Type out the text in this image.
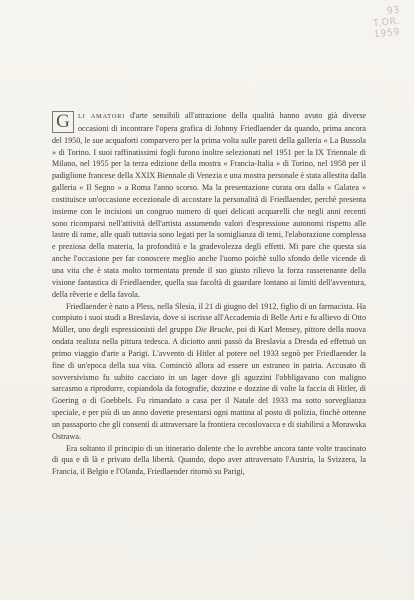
93
T.OR.
1959

G	LI AMATORI d'arte sensibili all'attrazione della qualità hanno avuto già diverse occasioni di incontrare l'opera grafica di Johnny Friedlaender da quando, prima ancora del 1950, le sue acquaforti comparvero per la prima volta sulle pareti della galleria « La Bussola » di Torino. I suoi raffinatissimi fogli furono inoltre selezionati nel 1951 per la IX Triennale di Milano, nel 1955 per la terza edizione della mostra « Francia-Italia » di Torino, nel 1958 per il padiglione francese della XXIX Biennale di Venezia e una mostra personale è stata allestita dalla galleria « Il Segno » a Roma l'anno scorso. Ma la presentazione curata ora dalla « Galatea » costituisce un'occasione eccezionale di accostare la personalità di Friedlaender, perchè presenta insieme con le incisioni un congruo numero di quei delicati acquarelli che negli anni recenti sono ricomparsi nell'attività dell'artista assumendo valori d'espressione autonomi rispetto alle lastre di rame, alle quali tuttavia sono legati per la somiglianza di temi, l'elaborazione complessa e preziosa della materia, la profondità e la gradevolezza degli effetti. Mi pare che questa sia anche l'occasione per far conoscere meglio anche l'uomo poichè sullo sfondo delle vicende di una vita che è stata molto tormentata prende il suo giusto rilievo la forza rasserenante della visione fantastica di Friedlaender, quella sua facoltà di guardare lontano ai limiti dell'avventura, della rêverie e della favola.

Friedlaender è nato a Pless, nella Slesia, il 21 di giugno del 1912, figlio di un farmacista. Ha compiuto i suoi studi a Breslavia, dove si iscrisse all'Accademia di Belle Arti e fu allievo di Otto Müller, uno degli espressionisti del gruppo Die Brucke, poi di Karl Mensey, pittore della nuova ondata realista nella pittura tedesca. A diciotto anni passò da Breslavia a Dresda ed effettuò un primo viaggio d'arte a Parigi. L'avvento di Hitler al potere nel 1933 segnò per Friedlaender la fine di un'epoca della sua vita. Cominciò allora ad essere un estraneo in patria. Accusato di sovversivismo fu subito cacciato in un lager dove gli aguzzini l'obbligavano con maligno sarcasmo a riprodurre, copiandola da fotografie, dozzine e dozzine di volte la faccia di Hitler, di Goering o di Goebbels. Fu rimandato a casa per il Natale del 1933 ma sotto sorveglianza speciale, e per più di un anno dovette presentarsi ogni mattina al posto di polizia, finchè ottenne un passaporto che gli consentì di attraversare la frontiera cecoslovacca e di stabilirsi a Morawska Ostrawa.

Era soltanto il principio di un itinerario dolente che lo avrebbe ancora tante volte trascinato di qua e di là e privato della libertà. Quando, dopo aver attraversato l'Austria, la Svizzera, la Francia, il Belgio e l'Olanda, Friedlaender ritornò su Parigi,
